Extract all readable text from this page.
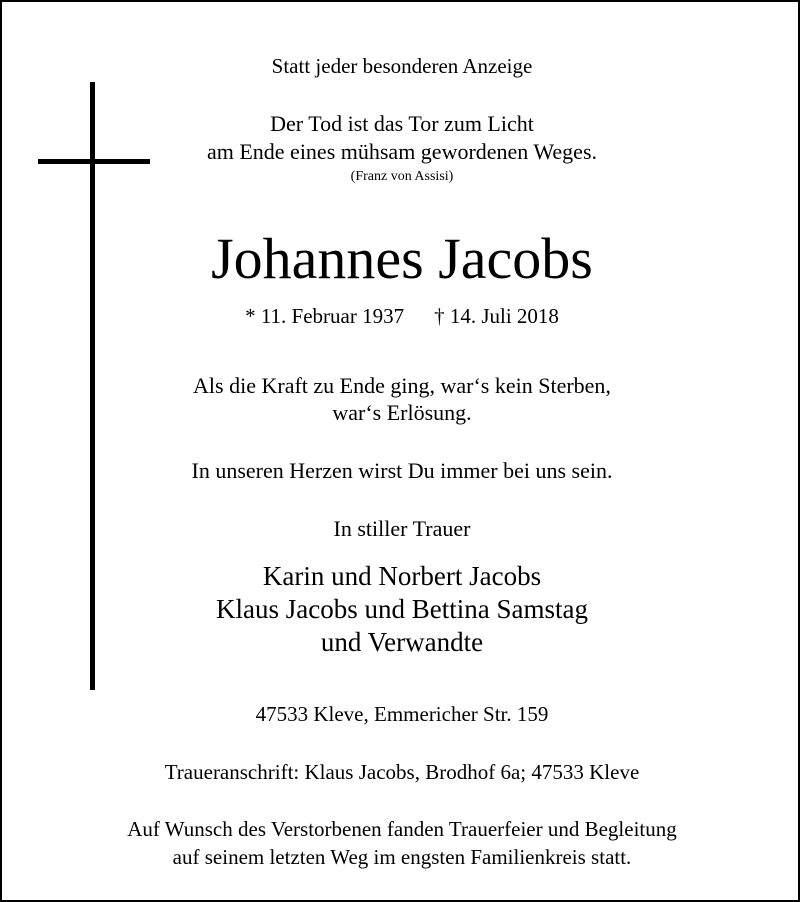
Statt jeder besonderen Anzeige
Der Tod ist das Tor zum Licht
am Ende eines mühsam gewordenen Weges.
(Franz von Assisi)
Johannes Jacobs
* 11. Februar 1937 † 14. Juli 2018
Als die Kraft zu Ende ging, war‘s kein Sterben,
war‘s Erlösung.
In unseren Herzen wirst Du immer bei uns sein.
In stiller Trauer
Karin und Norbert Jacobs
Klaus Jacobs und Bettina Samstag
und Verwandte
47533 Kleve, Emmericher Str. 159
Traueranschrift: Klaus Jacobs, Brodhof 6a; 47533 Kleve
Auf Wunsch des Verstorbenen fanden Trauerfeier und Begleitung
auf seinem letzten Weg im engsten Familienkreis statt.
